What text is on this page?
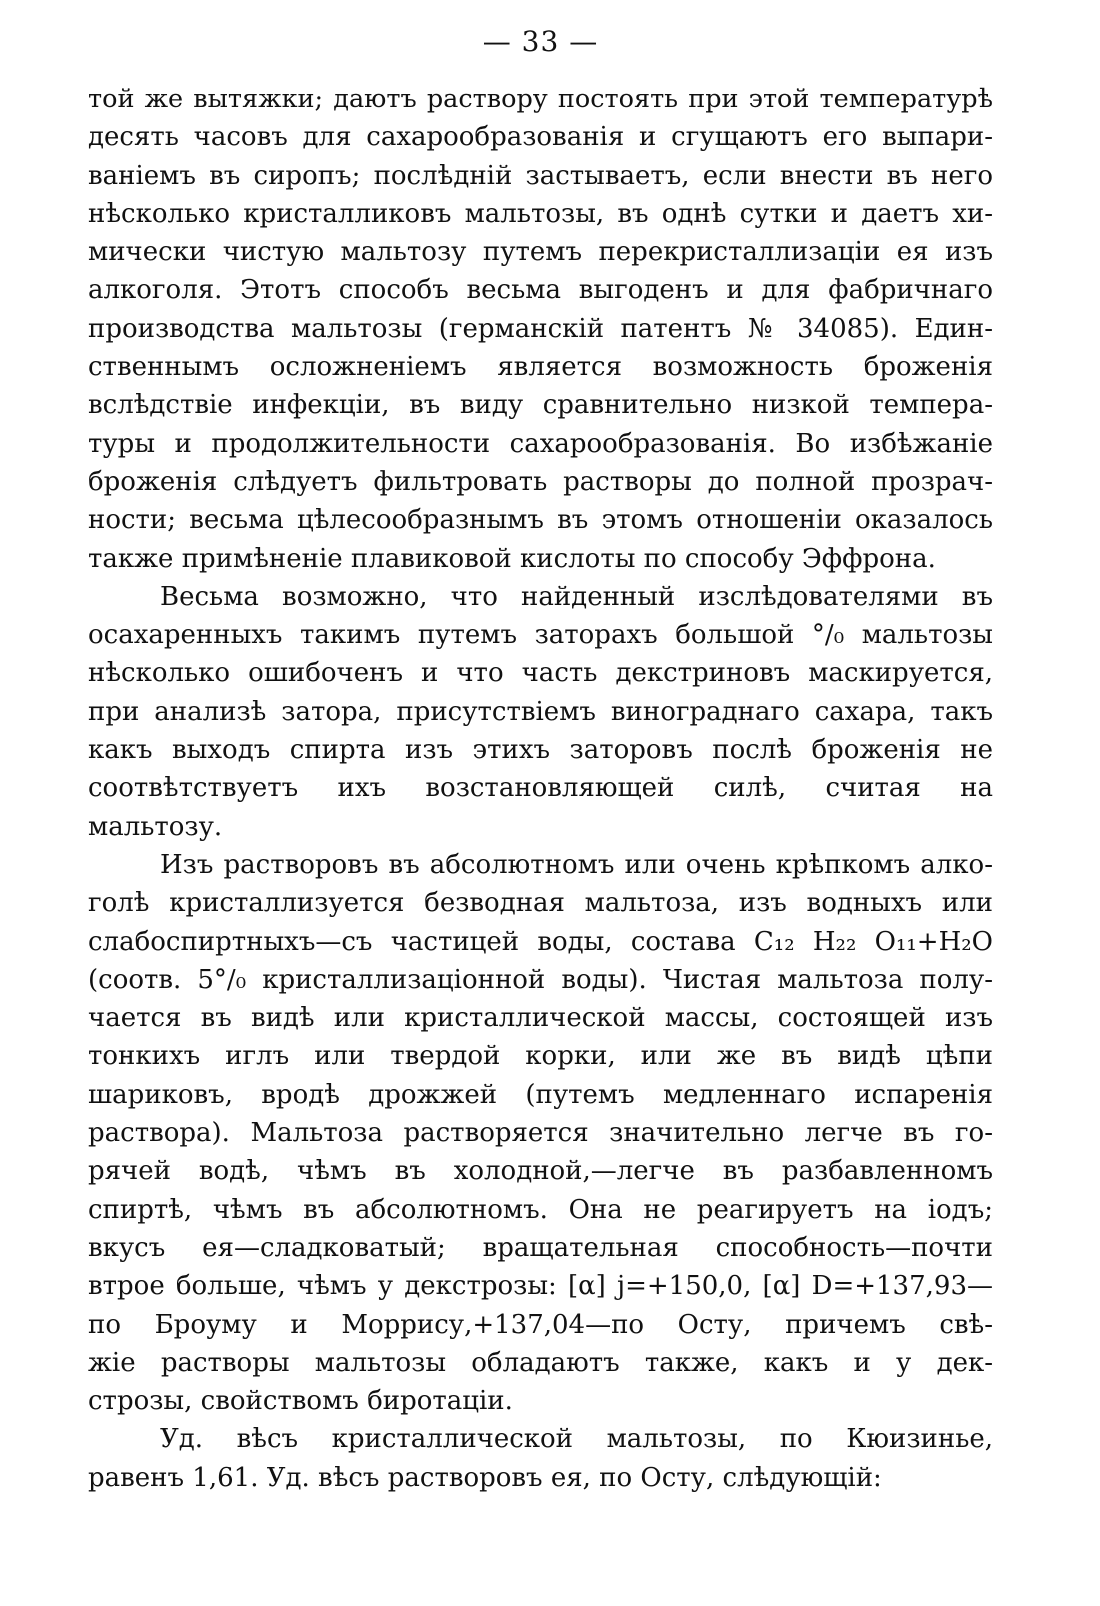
— 33 —
той же вытяжки; даютъ раствору постоять при этой температурѣ
десять часовъ для сахарообразованія и сгущаютъ его выпари-
ваніемъ въ сиропъ; послѣдній застываетъ, если внести въ него
нѣсколько кристалликовъ мальтозы, въ однѣ сутки и даетъ хи-
мически чистую мальтозу путемъ перекристаллизаціи ея изъ
алкоголя. Этотъ способъ весьма выгоденъ и для фабричнаго
производства мальтозы (германскій патентъ № 34085). Един-
ственнымъ осложненіемъ является возможность броженія
вслѣдствіе инфекціи, въ виду сравнительно низкой темпера-
туры и продолжительности сахарообразованія. Во избѣжаніе
броженія слѣдуетъ фильтровать растворы до полной прозрач-
ности; весьма цѣлесообразнымъ въ этомъ отношеніи оказалось
также примѣненіе плавиковой кислоты по способу Эффрона.
Весьма возможно, что найденный изслѣдователями въ
осахаренныхъ такимъ путемъ заторахъ большой °/₀ мальтозы
нѣсколько ошибоченъ и что часть декстриновъ маскируется,
при анализѣ затора, присутствіемъ винограднаго сахара, такъ
какъ выходъ спирта изъ этихъ заторовъ послѣ броженія не
соотвѣтствуетъ ихъ возстановляющей силѣ, считая на
мальтозу.
Изъ растворовъ въ абсолютномъ или очень крѣпкомъ алко-
голѣ кристаллизуется безводная мальтоза, изъ водныхъ или
слабоспиртныхъ—съ частицей воды, состава C₁₂ H₂₂ O₁₁+H₂O
(соотв. 5°/₀ кристаллизаціонной воды). Чистая мальтоза полу-
чается въ видѣ или кристаллической массы, состоящей изъ
тонкихъ иглъ или твердой корки, или же въ видѣ цѣпи
шариковъ, вродѣ дрожжей (путемъ медленнаго испаренія
раствора). Мальтоза растворяется значительно легче въ го-
рячей водѣ, чѣмъ въ холодной,—легче въ разбавленномъ
спиртѣ, чѣмъ въ абсолютномъ. Она не реагируетъ на іодъ;
вкусъ ея—сладковатый; вращательная способность—почти
втрое больше, чѣмъ у декстрозы: [α] j=+150,0, [α] D=+137,93—
по Броуму и Моррису,+137,04—по Осту, причемъ свѣ-
жіе растворы мальтозы обладаютъ также, какъ и у дек-
строзы, свойствомъ биротаціи.
Уд. вѣсъ кристаллической мальтозы, по Кюизинье,
равенъ 1,61. Уд. вѣсъ растворовъ ея, по Осту, слѣдующій:
